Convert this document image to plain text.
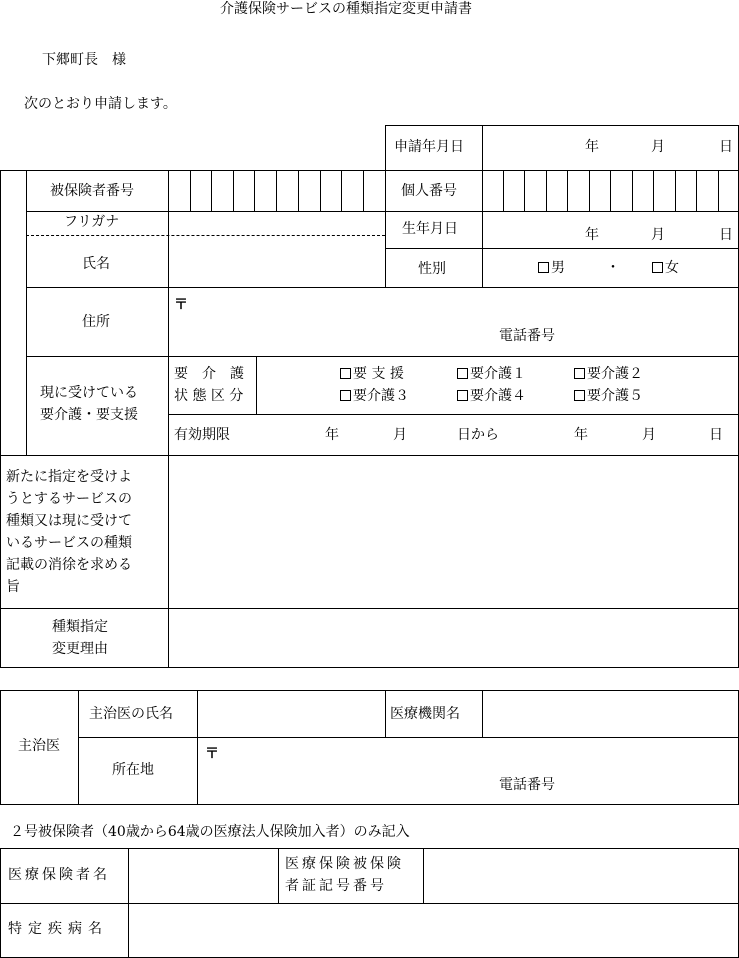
介護保険サービスの種類指定変更申請書
下郷町長　様
次のとおり申請します。
申請年月日	年	月	日
被保険者番号	個人番号
フリガナ
氏名
生年月日	年	月	日
性別	男	・	女
住所
〒
電話番号
現に受けている
要介護・要支援
要　介　護
状 態 区 分
要 支 援	要介護１	要介護２
要介護３	要介護４	要介護５
有効期限	年	月	日から	年	月	日
新たに指定を受けよ
うとするサービスの
種類又は現に受けて
いるサービスの種類
記載の消徐を求める
旨
種類指定
変更理由
主治医
主治医の氏名	医療機関名
所在地
〒
電話番号
２号被保険者（40歳から64歳の医療法人保険加入者）のみ記入
医療保険者名
医療保険被保険
者証記号番号
特定疾病名
